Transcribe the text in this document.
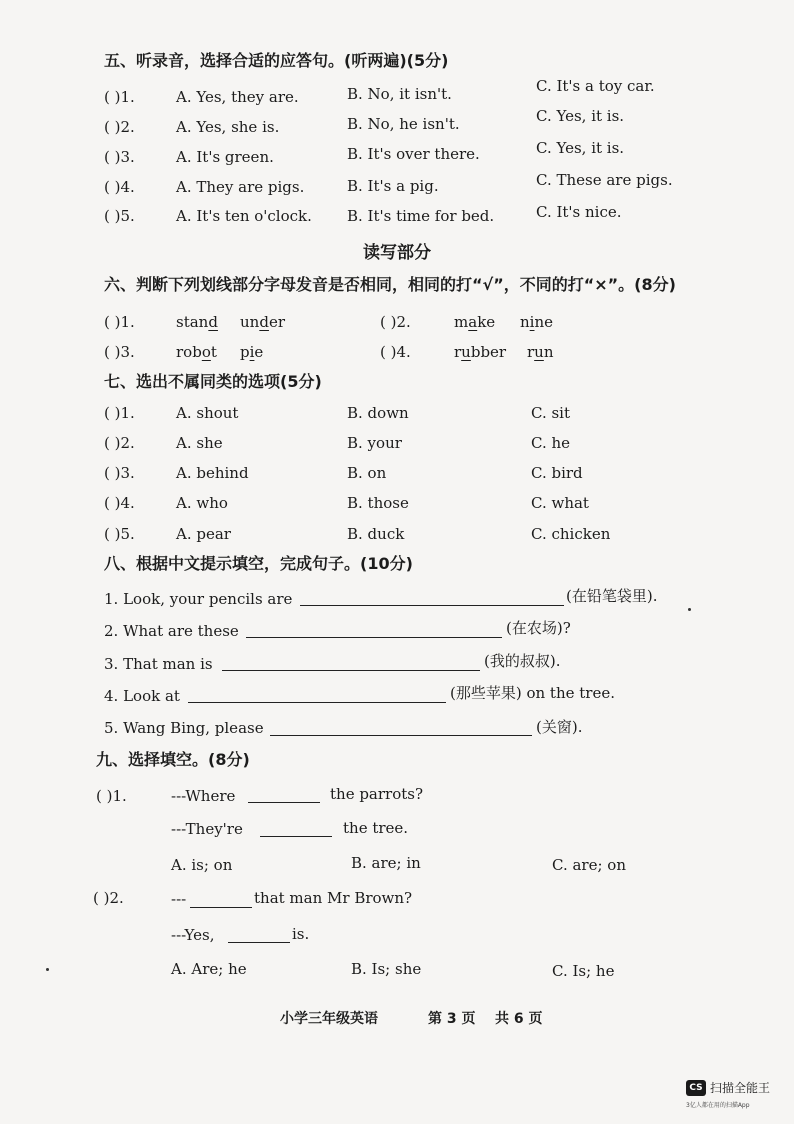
五、听录音，选择合适的应答句。(听两遍)(5分)
( )1.	A. Yes, they are.	B. No, it isn't.	C. It's a toy car.
( )2.	A. Yes, she is.	B. No, he isn't.	C. Yes, it is.
( )3.	A. It's green.	B. It's over there.	C. Yes, it is.
( )4.	A. They are pigs.	B. It's a pig.	C. These are pigs.
( )5.	A. It's ten o'clock. B. It's time for bed.	C. It's nice.
读写部分
六、判断下列划线部分字母发音是否相同，相同的打“√”，不同的打“×”。(8分)
( )1.	stand under	( )2.	make nine
( )3.	robot pie	( )4.	rubber run
七、选出不属同类的选项(5分)
( )1.	A. shout	B. down	C. sit
( )2.	A. she	B. your	C. he
( )3.	A. behind	B. on	C. bird
( )4.	A. who	B. those	C. what
( )5.	A. pear	B. duck	C. chicken
八、根据中文提示填空，完成句子。(10分)
1. Look, your pencils are	(在铅笔袋里).
2. What are these	(在农场)?
3. That man is	(我的叔叔).
4. Look at	(那些苹果) on the tree.
5. Wang Bing, please	(关窗).
九、选择填空。(8分)
( )1.	---Where	the parrots?
---They're	the tree.
A. is; on	B. are; in	C. are; on
( )2.	---	that man Mr Brown?
---Yes,	is.
A. Are; he	B. Is; she	C. Is; he
小学三年级英语	第 3 页 共 6 页
CS 扫描全能王
3亿人都在用的扫描App
